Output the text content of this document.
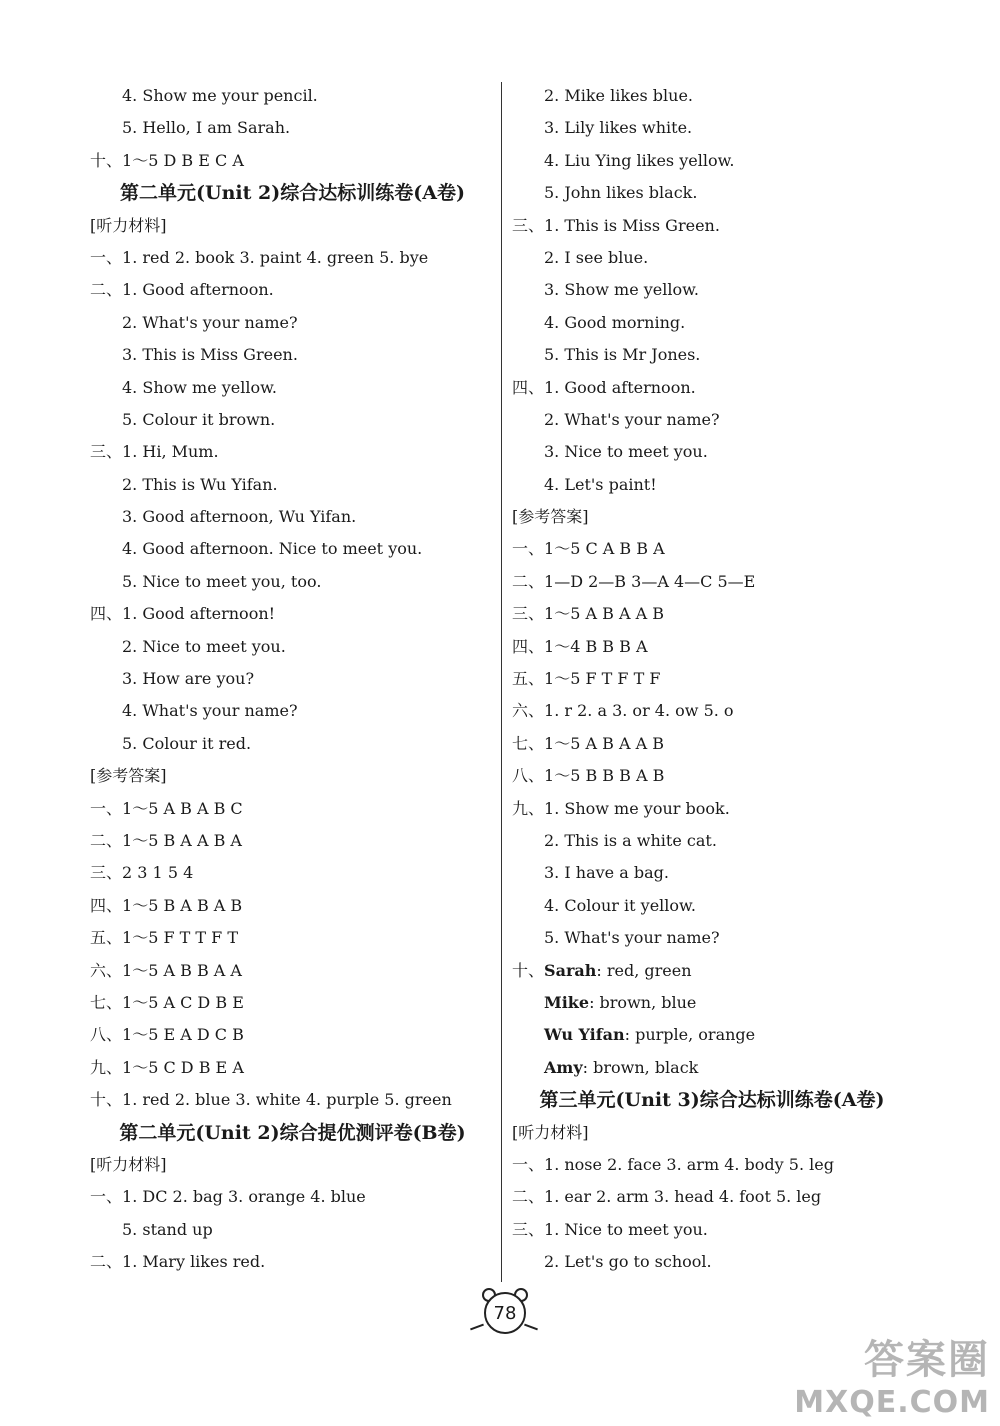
4. Show me your pencil.
5. Hello, I am Sarah.
十、 1～5 D B E C A
第二单元(Unit 2)综合达标训练卷(A卷)
[听力材料]
一、 1. red 2. book 3. paint 4. green 5. bye
二、 1. Good afternoon.
2. What's your name?
3. This is Miss Green.
4. Show me yellow.
5. Colour it brown.
三、 1. Hi, Mum.
2. This is Wu Yifan.
3. Good afternoon, Wu Yifan.
4. Good afternoon. Nice to meet you.
5. Nice to meet you, too.
四、 1. Good afternoon!
2. Nice to meet you.
3. How are you?
4. What's your name?
5. Colour it red.
[参考答案]
一、 1～5 A B A B C
二、 1～5 B A A B A
三、 2 3 1 5 4
四、 1～5 B A B A B
五、 1～5 F T T F T
六、 1～5 A B B A A
七、 1～5 A C D B E
八、 1～5 E A D C B
九、 1～5 C D B E A
十、 1. red 2. blue 3. white 4. purple 5. green
第二单元(Unit 2)综合提优测评卷(B卷)
[听力材料]
一、 1. DC 2. bag 3. orange 4. blue
5. stand up
二、 1. Mary likes red.
2. Mike likes blue.
3. Lily likes white.
4. Liu Ying likes yellow.
5. John likes black.
三、 1. This is Miss Green.
2. I see blue.
3. Show me yellow.
4. Good morning.
5. This is Mr Jones.
四、 1. Good afternoon.
2. What's your name?
3. Nice to meet you.
4. Let's paint!
[参考答案]
一、 1～5 C A B B A
二、 1—D 2—B 3—A 4—C 5—E
三、 1～5 A B A A B
四、 1～4 B B B A
五、 1～5 F T F T F
六、 1. r 2. a 3. or 4. ow 5. o
七、 1～5 A B A A B
八、 1～5 B B B A B
九、 1. Show me your book.
2. This is a white cat.
3. I have a bag.
4. Colour it yellow.
5. What's your name?
十、 Sarah : red, green
Mike : brown, blue
Wu Yifan : purple, orange
Amy : brown, black
第三单元(Unit 3)综合达标训练卷(A卷)
[听力材料]
一、 1. nose 2. face 3. arm 4. body 5. leg
二、 1. ear 2. arm 3. head 4. foot 5. leg
三、 1. Nice to meet you.
2. Let's go to school.
78
答案圈
MXQE.COM
